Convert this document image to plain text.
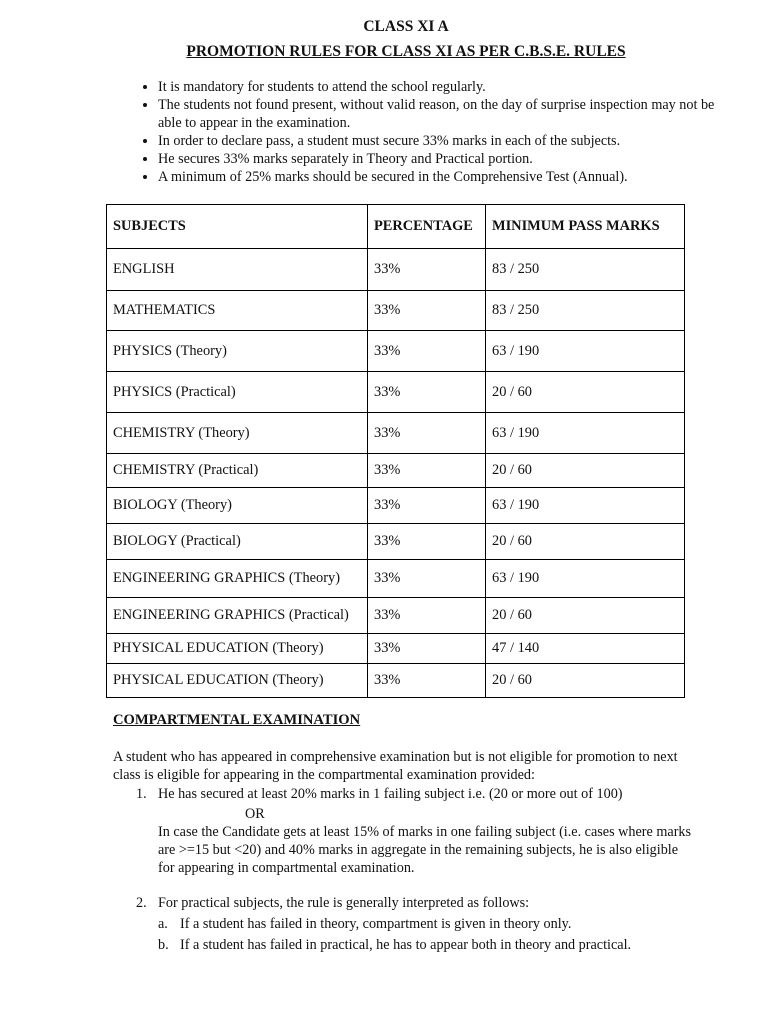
CLASS XI A
PROMOTION RULES FOR CLASS XI AS PER C.B.S.E. RULES
• It is mandatory for students to attend the school regularly.
• The students not found present, without valid reason, on the day of surprise inspection may not be able to appear in the examination.
• In order to declare pass, a student must secure 33% marks in each of the subjects.
• He secures 33% marks separately in Theory and Practical portion.
• A minimum of 25% marks should be secured in the Comprehensive Test (Annual).
SUBJECTS	PERCENTAGE	MINIMUM PASS MARKS
ENGLISH	33%	83 / 250
MATHEMATICS	33%	83 / 250
PHYSICS (Theory)	33%	63 / 190
PHYSICS (Practical)	33%	20 / 60
CHEMISTRY (Theory)	33%	63 / 190
CHEMISTRY (Practical)	33%	20 / 60
BIOLOGY (Theory)	33%	63 / 190
BIOLOGY (Practical)	33%	20 / 60
ENGINEERING GRAPHICS (Theory)	33%	63 / 190
ENGINEERING GRAPHICS (Practical)	33%	20 / 60
PHYSICAL EDUCATION (Theory)	33%	47 / 140
PHYSICAL EDUCATION (Theory)	33%	20 / 60
COMPARTMENTAL EXAMINATION

A student who has appeared in comprehensive examination but is not eligible for promotion to next class is eligible for appearing in the compartmental examination provided:

1. He has secured at least 20% marks in 1 failing subject i.e. (20 or more out of 100)

OR

In case the Candidate gets at least 15% of marks in one failing subject (i.e. cases where marks are >=15 but <20) and 40% marks in aggregate in the remaining subjects, he is also eligible for appearing in compartmental examination.

2. For practical subjects, the rule is generally interpreted as follows:

a. If a student has failed in theory, compartment is given in theory only.

b. If a student has failed in practical, he has to appear both in theory and practical.
